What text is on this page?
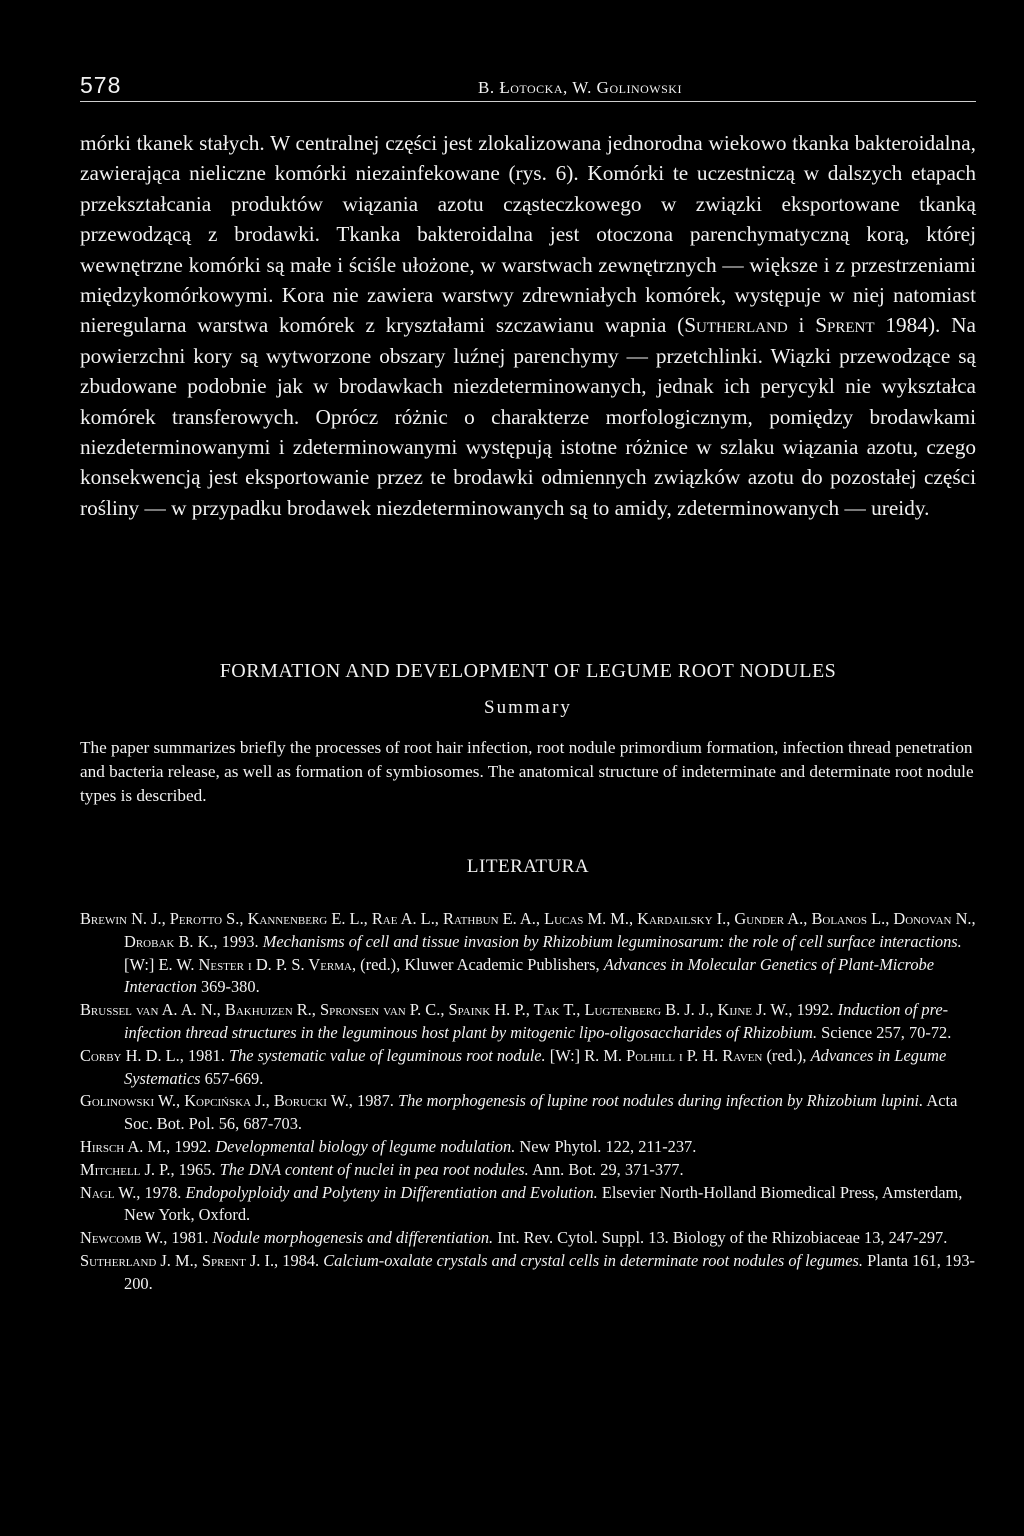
578	B. Łotocka, W. Golinowski

mórki tkanek stałych. W centralnej części jest zlokalizowana jednorodna wiekowo tkanka bakteroidalna, zawierająca nieliczne komórki niezainfekowane (rys. 6). Komórki te uczestniczą w dalszych etapach przekształcania produktów wiązania azotu cząsteczkowego w związki eksportowane tkanką przewodzącą z brodawki. Tkanka bakteroidalna jest otoczona parenchymatyczną korą, której wewnętrzne komórki są małe i ściśle ułożone, w warstwach zewnętrznych — większe i z przestrzeniami międzykomórkowymi. Kora nie zawiera warstwy zdrewniałych komórek, występuje w niej natomiast nieregularna warstwa komórek z kryształami szczawianu wapnia (Sutherland i Sprent 1984). Na powierzchni kory są wytworzone obszary luźnej parenchymy — przetchlinki. Wiązki przewodzące są zbudowane podobnie jak w brodawkach niezdeterminowanych, jednak ich perycykl nie wykształca komórek transferowych. Oprócz różnic o charakterze morfologicznym, pomiędzy brodawkami niezdeterminowanymi i zdeterminowanymi występują istotne różnice w szlaku wiązania azotu, czego konsekwencją jest eksportowanie przez te brodawki odmiennych związków azotu do pozostałej części rośliny — w przypadku brodawek niezdeterminowanych są to amidy, zdeterminowanych — ureidy.

FORMATION AND DEVELOPMENT OF LEGUME ROOT NODULES

Summary

The paper summarizes briefly the processes of root hair infection, root nodule primordium formation, infection thread penetration and bacteria release, as well as formation of symbiosomes. The anatomical structure of indeterminate and determinate root nodule types is described.

LITERATURA

Brewin N. J., Perotto S., Kannenberg E. L., Rae A. L., Rathbun E. A., Lucas M. M., Kardailsky I., Gunder A., Bolanos L., Donovan N., Drobak B. K., 1993. Mechanisms of cell and tissue invasion by Rhizobium leguminosarum: the role of cell surface interactions. [W:] E. W. Nester i D. P. S. Verma, (red.), Kluwer Academic Publishers, Advances in Molecular Genetics of Plant-Microbe Interaction 369-380.
Brussel van A. A. N., Bakhuizen R., Spronsen van P. C., Spaink H. P., Tak T., Lugtenberg B. J. J., Kijne J. W., 1992. Induction of pre-infection thread structures in the leguminous host plant by mitogenic lipo-oligosaccharides of Rhizobium. Science 257, 70-72.
Corby H. D. L., 1981. The systematic value of leguminous root nodule. [W:] R. M. Polhill i P. H. Raven (red.), Advances in Legume Systematics 657-669.
Golinowski W., Kopcińska J., Borucki W., 1987. The morphogenesis of lupine root nodules during infection by Rhizobium lupini. Acta Soc. Bot. Pol. 56, 687-703.
Hirsch A. M., 1992. Developmental biology of legume nodulation. New Phytol. 122, 211-237.
Mitchell J. P., 1965. The DNA content of nuclei in pea root nodules. Ann. Bot. 29, 371-377.
Nagl W., 1978. Endopolyploidy and Polyteny in Differentiation and Evolution. Elsevier North-Holland Biomedical Press, Amsterdam, New York, Oxford.
Newcomb W., 1981. Nodule morphogenesis and differentiation. Int. Rev. Cytol. Suppl. 13. Biology of the Rhizobiaceae 13, 247-297.
Sutherland J. M., Sprent J. I., 1984. Calcium-oxalate crystals and crystal cells in determinate root nodules of legumes. Planta 161, 193-200.
